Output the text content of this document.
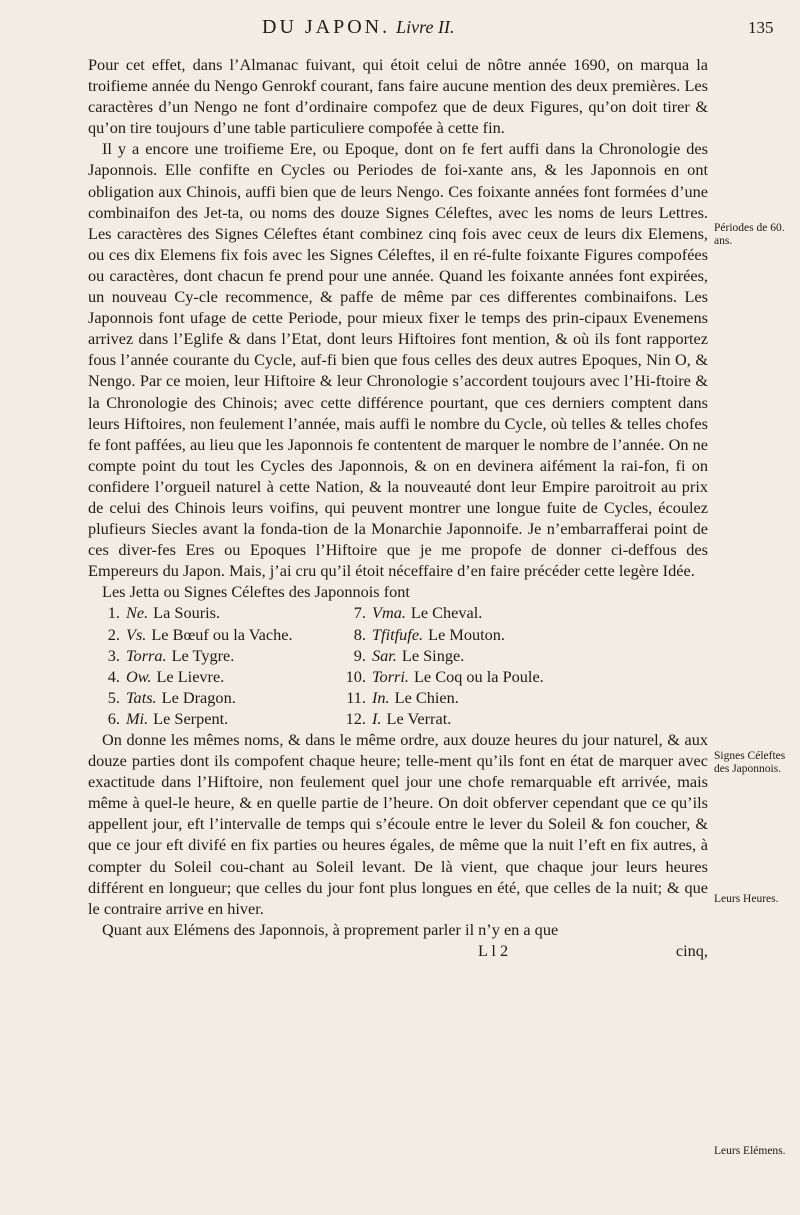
DU JAPON. Livre II.	135

Pour cet effet, dans l’Almanac fuivant, qui étoit celui de nôtre année 1690, on marqua la troifieme année du Nengo Genrokf courant, fans faire aucune mention des deux premières. Les caractères d’un Nengo ne font d’ordinaire compofez que de deux Figures, qu’on doit tirer & qu’on tire toujours d’une table particuliere compofée à cette fin.

Il y a encore une troifieme Ere, ou Epoque, dont on fe fert auffi dans la Chronologie des Japonnois. Elle confifte en Cycles ou Periodes de foi-xante ans, & les Japonnois en ont obligation aux Chinois, auffi bien que de leurs Nengo. Ces foixante années font formées d’une combinaifon des Jet-ta, ou noms des douze Signes Céleftes, avec les noms de leurs Lettres. Les caractères des Signes Céleftes étant combinez cinq fois avec ceux de leurs dix Elemens, ou ces dix Elemens fix fois avec les Signes Céleftes, il en ré-fulte foixante Figures compofées ou caractères, dont chacun fe prend pour une année. Quand les foixante années font expirées, un nouveau Cy-cle recommence, & paffe de même par ces differentes combinaifons. Les Japonnois font ufage de cette Periode, pour mieux fixer le temps des prin-cipaux Evenemens arrivez dans l’Eglife & dans l’Etat, dont leurs Hiftoires font mention, & où ils font rapportez fous l’année courante du Cycle, auf-fi bien que fous celles des deux autres Epoques, Nin O, & Nengo. Par ce moien, leur Hiftoire & leur Chronologie s’accordent toujours avec l’Hi-ftoire & la Chronologie des Chinois; avec cette différence pourtant, que ces derniers comptent dans leurs Hiftoires, non feulement l’année, mais auffi le nombre du Cycle, où telles & telles chofes fe font paffées, au lieu que les Japonnois fe contentent de marquer le nombre de l’année. On ne compte point du tout les Cycles des Japonnois, & on en devinera aifément la rai-fon, fi on confidere l’orgueil naturel à cette Nation, & la nouveauté dont leur Empire paroitroit au prix de celui des Chinois leurs voifins, qui peuvent montrer une longue fuite de Cycles, écoulez plufieurs Siecles avant la fonda-tion de la Monarchie Japonnoife. Je n’embarrafferai point de ces diver-fes Eres ou Epoques l’Hiftoire que je me propofe de donner ci-deffous des Empereurs du Japon. Mais, j’ai cru qu’il étoit néceffaire d’en faire précéder cette legère Idée.

Les Jetta ou Signes Céleftes des Japonnois font

1. Ne. La Souris.	7. Vma. Le Cheval.
2. Vs. Le Bœuf ou la Vache.	8. Tfitfufe. Le Mouton.
3. Torra. Le Tygre.	9. Sar. Le Singe.
4. Ow. Le Lievre.	10. Torri. Le Coq ou la Poule.
5. Tats. Le Dragon.	11. In. Le Chien.
6. Mi. Le Serpent.	12. I. Le Verrat.

On donne les mêmes noms, & dans le même ordre, aux douze heures du jour naturel, & aux douze parties dont ils compofent chaque heure; telle-ment qu’ils font en état de marquer avec exactitude dans l’Hiftoire, non feulement quel jour une chofe remarquable eft arrivée, mais même à quel-le heure, & en quelle partie de l’heure. On doit obferver cependant que ce qu’ils appellent jour, eft l’intervalle de temps qui s’écoule entre le lever du Soleil & fon coucher, & que ce jour eft divifé en fix parties ou heures égales, de même que la nuit l’eft en fix autres, à compter du Soleil cou-chant au Soleil levant. De là vient, que chaque jour leurs heures différent en longueur; que celles du jour font plus longues en été, que celles de la nuit; & que le contraire arrive en hiver.

Quant aux Elémens des Japonnois, à proprement parler il n’y en a que

L l 2	cinq,
Périodes de 60. ans.
Signes Céleftes des Japonnois.
Leurs Heures.
Leurs Elémens.
